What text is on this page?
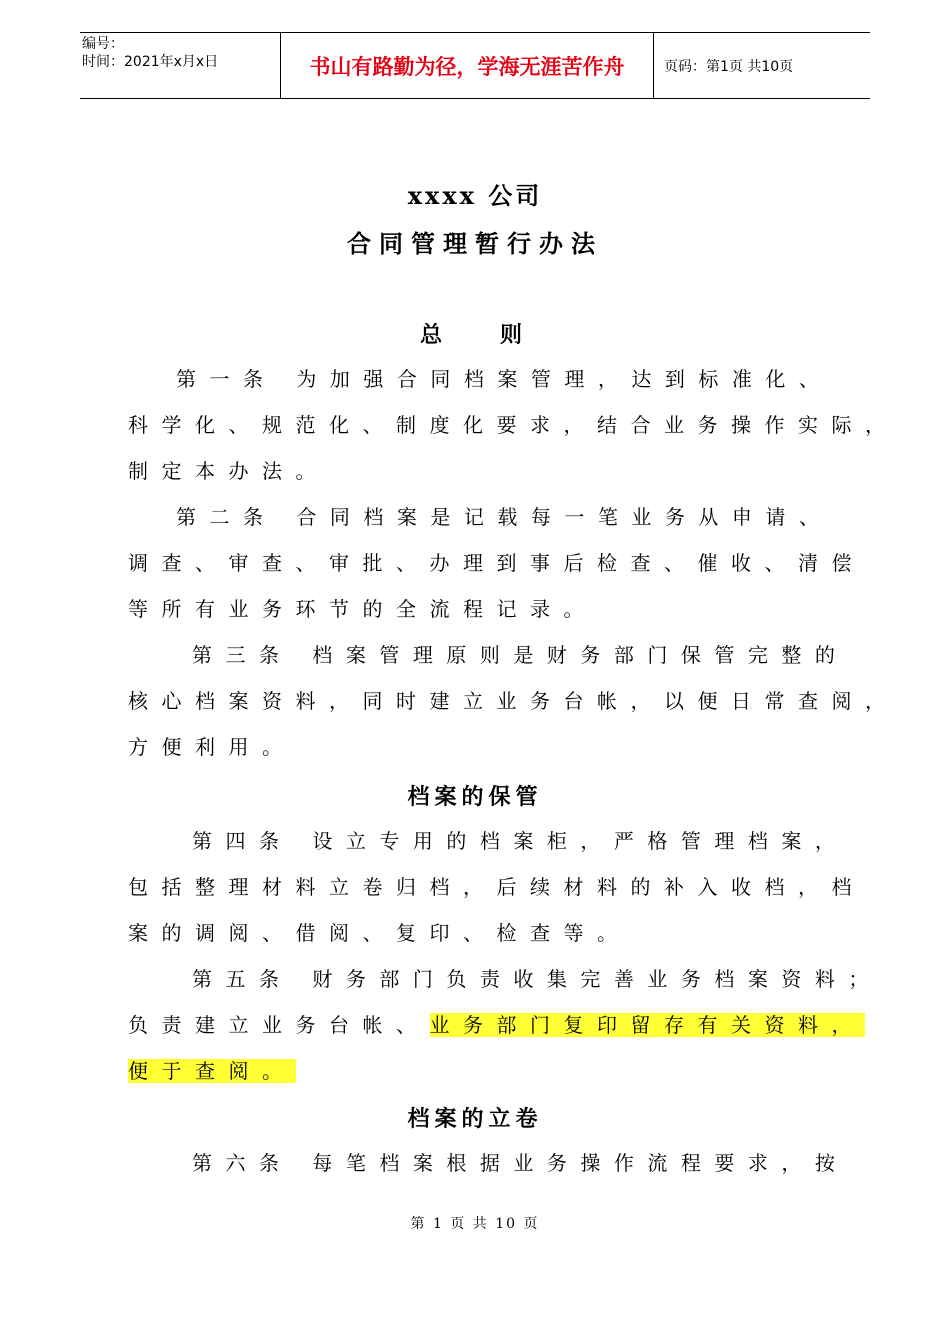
编号：
时间：2021年x月x日	书山有路勤为径，学海无涯苦作舟	页码：第1页 共10页
xxxx 公司
合同管理暂行办法
总则
第一条 为加强合同档案管理，达到标准化、
科学化、规范化、制度化要求，结合业务操作实际，
制定本办法。
第二条 合同档案是记载每一笔业务从申请、
调查、审查、审批、办理到事后检查、催收、清偿
等所有业务环节的全流程记录。
第三条 档案管理原则是财务部门保管完整的
核心档案资料，同时建立业务台帐，以便日常查阅，
方便利用。
档案的保管
第四条 设立专用的档案柜，严格管理档案，
包括整理材料立卷归档，后续材料的补入收档，档
案的调阅、借阅、复印、检查等。
第五条 财务部门负责收集完善业务档案资料；
负责建立业务台帐、业务部门复印留存有关资料，
便于查阅。
档案的立卷
第六条 每笔档案根据业务操作流程要求，按
第 1 页 共 10 页
